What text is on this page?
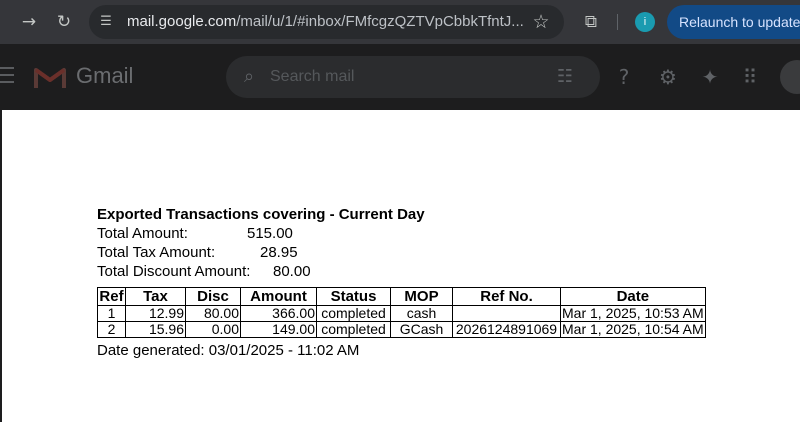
→	↻	☰ mail.google.com/mail/u/1/#inbox/FMfcgzQZTVpCbbkTfntJ... ☆	⧉	i	Relaunch to update
Gmail	⌕ Search mail	☷	?	⚙ ✦ ⠿
Exported Transactions covering - Current Day
Total Amount:	515.00
Total Tax Amount:	28.95
Total Discount Amount: 80.00
Ref	Tax	Disc	Amount	Status	MOP	Ref No.	Date
1	12.99	80.00	366.00	completed	cash		Mar 1, 2025, 10:53 AM
2	15.96	0.00	149.00	completed	GCash	2026124891069	Mar 1, 2025, 10:54 AM
Date generated: 03/01/2025 - 11:02 AM
